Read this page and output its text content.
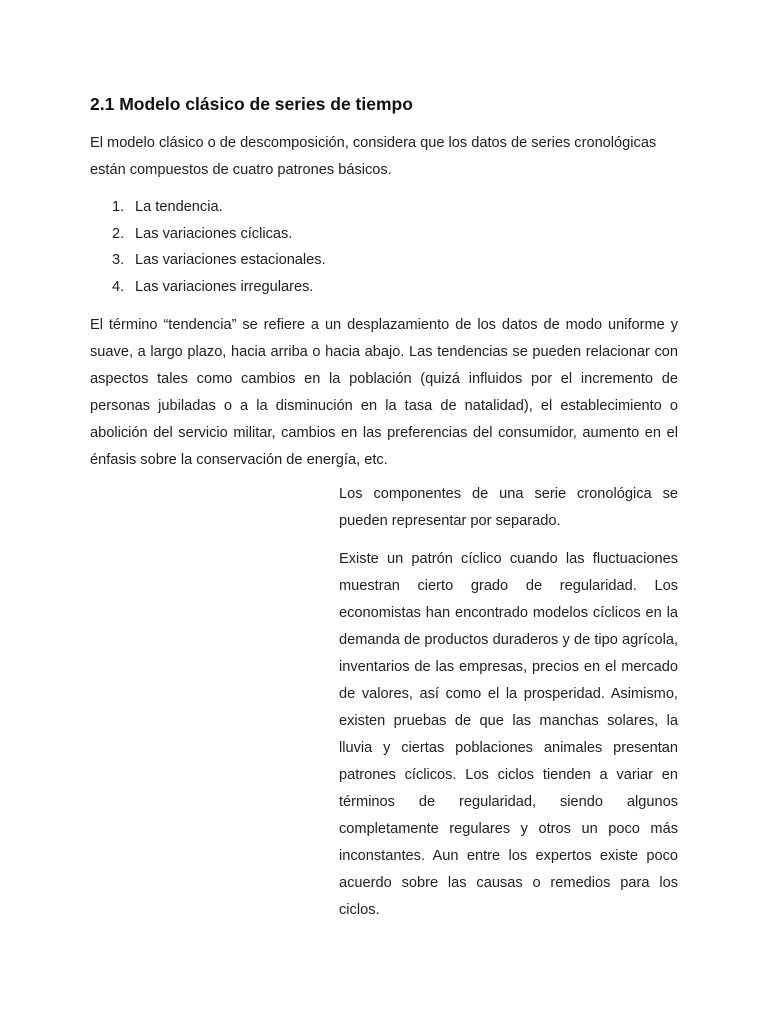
2.1 Modelo clásico de series de tiempo

El modelo clásico o de descomposición, considera que los datos de series cronológicas están compuestos de cuatro patrones básicos.

1. La tendencia.
2. Las variaciones cíclicas.
3. Las variaciones estacionales.
4. Las variaciones irregulares.

El término “tendencia” se refiere a un desplazamiento de los datos de modo uniforme y suave, a largo plazo, hacia arriba o hacia abajo. Las tendencias se pueden relacionar con aspectos tales como cambios en la población (quizá influidos por el incremento de personas jubiladas o a la disminución en la tasa de natalidad), el establecimiento o abolición del servicio militar, cambios en las preferencias del consumidor, aumento en el énfasis sobre la conservación de energía, etc.

Los componentes de una serie cronológica se pueden representar por separado.

Existe un patrón cíclico cuando las fluctuaciones muestran cierto grado de regularidad. Los economistas han encontrado modelos cíclicos en la demanda de productos duraderos y de tipo agrícola, inventarios de las empresas, precios en el mercado de valores, así como el la prosperidad. Asimismo, existen pruebas de que las manchas solares, la lluvia y ciertas poblaciones animales presentan patrones cíclicos. Los ciclos tienden a variar en términos de regularidad, siendo algunos completamente regulares y otros un poco más inconstantes. Aun entre los expertos existe poco acuerdo sobre las causas o remedios para los ciclos.
